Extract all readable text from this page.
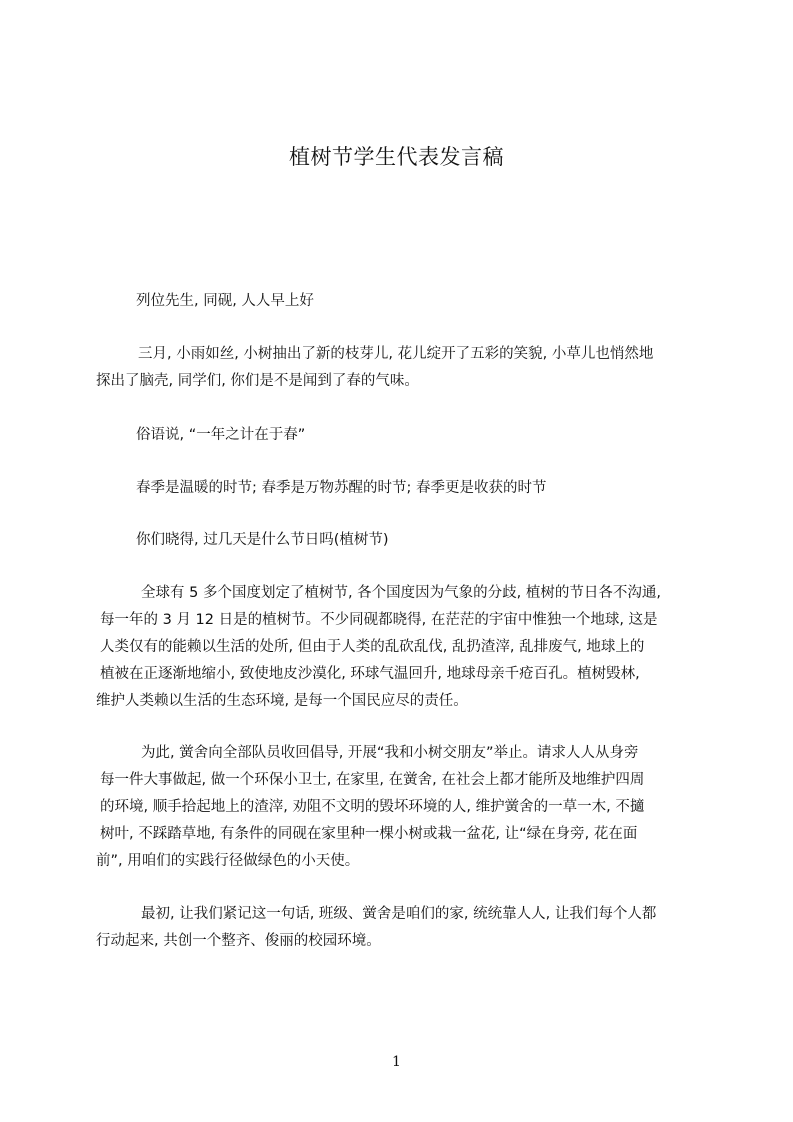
植树节学生代表发言稿
列位先生, 同砚, 人人早上好
三月, 小雨如丝, 小树抽出了新的枝芽儿, 花儿绽开了五彩的笑貌, 小草儿也悄然地
探出了脑壳, 同学们, 你们是不是闻到了春的气味。
俗语说, “一年之计在于春”
春季是温暖的时节; 春季是万物苏醒的时节; 春季更是收获的时节
你们晓得, 过几天是什么节日吗(植树节)
全球有 5 多个国度划定了植树节, 各个国度因为气象的分歧, 植树的节日各不沟通,
每一年的 3 月 12 日是的植树节。不少同砚都晓得, 在茫茫的宇宙中惟独一个地球, 这是
人类仅有的能赖以生活的处所, 但由于人类的乱砍乱伐, 乱扔渣滓, 乱排废气, 地球上的
植被在正逐渐地缩小, 致使地皮沙漠化, 环球气温回升, 地球母亲千疮百孔。植树毁林,
维护人类赖以生活的生态环境, 是每一个国民应尽的责任。
为此, 黉舍向全部队员收回倡导, 开展“我和小树交朋友”举止。请求人人从身旁
每一件大事做起, 做一个环保小卫士, 在家里, 在黉舍, 在社会上都才能所及地维护四周
的环境, 顺手拾起地上的渣滓, 劝阻不文明的毁坏环境的人, 维护黉舍的一草一木, 不擿
树叶, 不踩踏草地, 有条件的同砚在家里种一棵小树或栽一盆花, 让“绿在身旁, 花在面
前”, 用咱们的实践行径做绿色的小天使。
最初, 让我们紧记这一句话, 班级、黉舍是咱们的家, 统统靠人人, 让我们每个人都
行动起来, 共创一个整齐、俊丽的校园环境。
1
